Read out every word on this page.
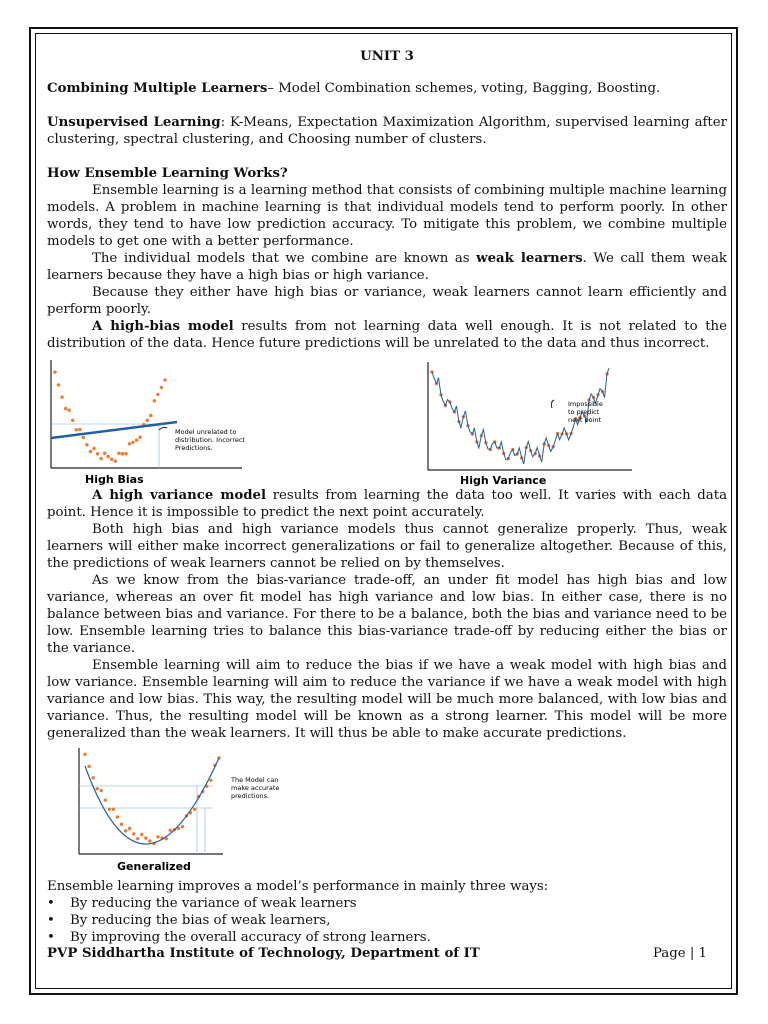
UNIT 3

Combining Multiple Learners– Model Combination schemes, voting, Bagging, Boosting.

Unsupervised Learning: K-Means, Expectation Maximization Algorithm, supervised learning after clustering, spectral clustering, and Choosing number of clusters.

How Ensemble Learning Works?

Ensemble learning is a learning method that consists of combining multiple machine learning models. A problem in machine learning is that individual models tend to perform poorly. In other words, they tend to have low prediction accuracy. To mitigate this problem, we combine multiple models to get one with a better performance.

The individual models that we combine are known as weak learners. We call them weak learners because they have a high bias or high variance.

Because they either have high bias or variance, weak learners cannot learn efficiently and perform poorly.

A high-bias model results from not learning data well enough. It is not related to the distribution of the data. Hence future predictions will be unrelated to the data and thus incorrect.

Model unrelated to
distribution. Incorrect
Predictions.
High Bias
Impossible
to predict
next point
High Variance

A high variance model results from learning the data too well. It varies with each data point. Hence it is impossible to predict the next point accurately.

Both high bias and high variance models thus cannot generalize properly. Thus, weak learners will either make incorrect generalizations or fail to generalize altogether. Because of this, the predictions of weak learners cannot be relied on by themselves.

As we know from the bias-variance trade-off, an under fit model has high bias and low variance, whereas an over fit model has high variance and low bias. In either case, there is no balance between bias and variance. For there to be a balance, both the bias and variance need to be low. Ensemble learning tries to balance this bias-variance trade-off by reducing either the bias or the variance.

Ensemble learning will aim to reduce the bias if we have a weak model with high bias and low variance. Ensemble learning will aim to reduce the variance if we have a weak model with high variance and low bias. This way, the resulting model will be much more balanced, with low bias and variance. Thus, the resulting model will be known as a strong learner. This model will be more generalized than the weak learners. It will thus be able to make accurate predictions.

The Model can
make accurate
predictions.
Generalized

Ensemble learning improves a model’s performance in mainly three ways:

• By reducing the variance of weak learners
• By reducing the bias of weak learners,
• By improving the overall accuracy of strong learners.
PVP Siddhartha Institute of Technology, Department of IT	Page | 1
